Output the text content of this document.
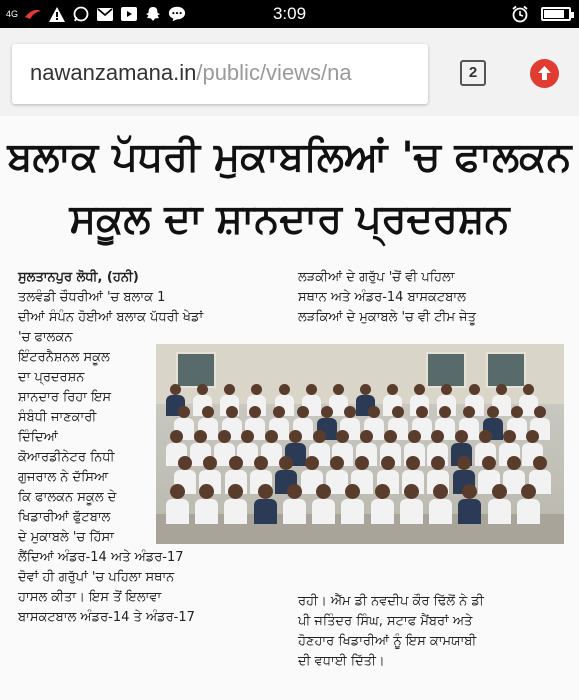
4G	3:09
nawanzamana.in/public/views/na	2
ਬਲਾਕ ਪੱਧਰੀ ਮੁਕਾਬਲਿਆਂ 'ਚ ਫਾਲਕਨ
ਸਕੂਲ ਦਾ ਸ਼ਾਨਦਾਰ ਪ੍ਰਦਰਸ਼ਨ
ਸੁਲਤਾਨਪੁਰ ਲੋਧੀ, (ਹਨੀ)
ਤਲਵੰਡੀ ਚੌਧਰੀਆਂ 'ਚ ਬਲਾਕ 1
ਦੀਆਂ ਸੰਪੰਨ ਹੋਈਆਂ ਬਲਾਕ ਪੱਧਰੀ ਖੇਡਾਂ
'ਚ ਫਾਲਕਨ
ਇੰਟਰਨੈਸ਼ਨਲ ਸਕੂਲ
ਦਾ ਪ੍ਰਦਰਸ਼ਨ
ਸ਼ਾਨਦਾਰ ਰਿਹਾ ਇਸ
ਸੰਬੰਧੀ ਜਾਣਕਾਰੀ
ਦਿੰਦਿਆਂ
ਕੋਆਰਡੀਨੇਟਰ ਨਿਧੀ
ਗੁਜਰਾਲ ਨੇ ਦੱਸਿਆ
ਕਿ ਫਾਲਕਨ ਸਕੂਲ ਦੇ
ਖਿਡਾਰੀਆਂ ਫੁੱਟਬਾਲ
ਦੇ ਮੁਕਾਬਲੇ 'ਚ ਹਿੱਸਾ
ਲੈਂਦਿਆਂ ਅੰਡਰ-14 ਅਤੇ ਅੰਡਰ-17
ਦੋਵਾਂ ਹੀ ਗਰੁੱਪਾਂ 'ਚ ਪਹਿਲਾ ਸਥਾਨ
ਹਾਸਲ ਕੀਤਾ। ਇਸ ਤੋਂ ਇਲਾਵਾ
ਬਾਸਕਟਬਾਲ ਅੰਡਰ-14 ਤੇ ਅੰਡਰ-17
ਲੜਕੀਆਂ ਦੇ ਗਰੁੱਪ 'ਚੋਂ ਵੀ ਪਹਿਲਾ
ਸਥਾਨ ਅਤੇ ਅੰਡਰ-14 ਬਾਸਕਟਬਾਲ
ਲੜਕਿਆਂ ਦੇ ਮੁਕਾਬਲੇ 'ਚ ਵੀ ਟੀਮ ਜੇਤੂ
ਰਹੀ। ਐੱਮ ਡੀ ਨਵਦੀਪ ਕੌਰ ਢਿੱਲੋਂ ਨੇ ਡੀ
ਪੀ ਜਤਿੰਦਰ ਸਿੰਘ, ਸਟਾਫ ਮੈਂਬਰਾਂ ਅਤੇ
ਹੋਣਹਾਰ ਖਿਡਾਰੀਆਂ ਨੂੰ ਇਸ ਕਾਮਯਾਬੀ
ਦੀ ਵਧਾਈ ਦਿੱਤੀ।
